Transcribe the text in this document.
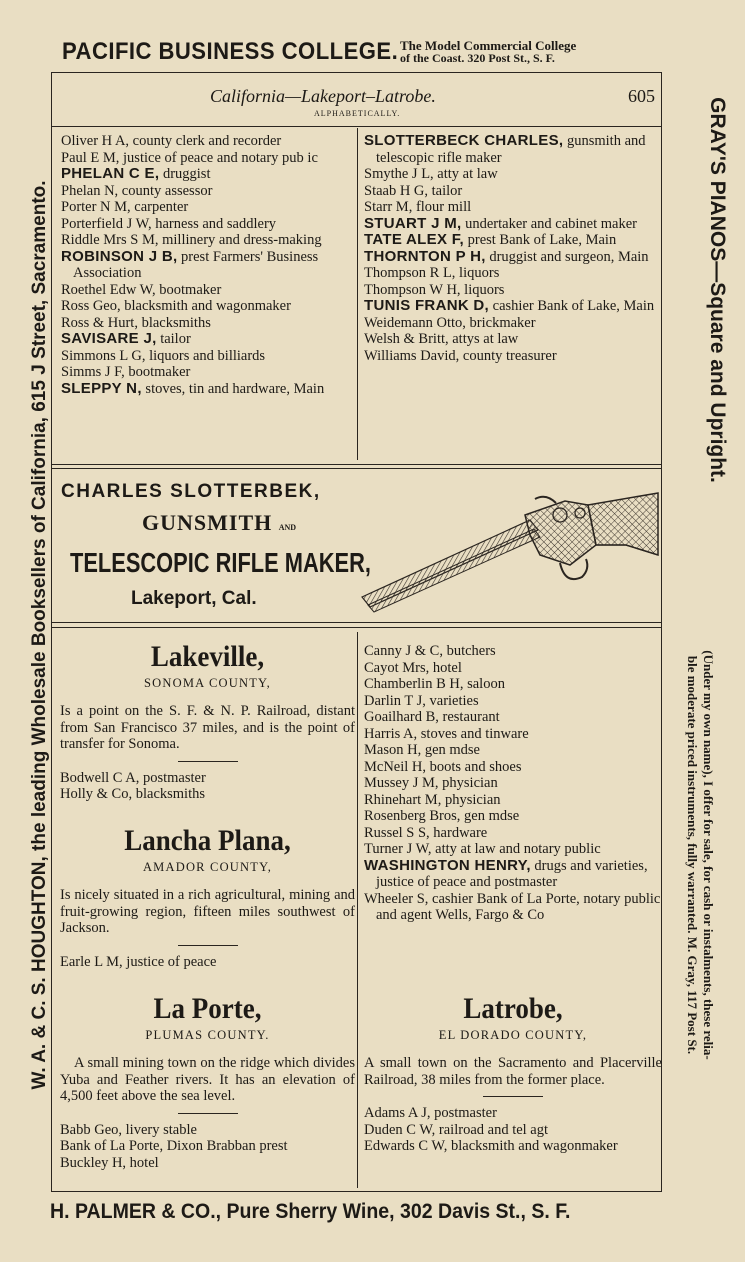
PACIFIC BUSINESS COLLEGE. The Model Commercial College
of the Coast. 320 Post St., S. F.
W. A. & C. S. HOUGHTON, the leading Wholesale Booksellers of California, 615 J Street, Sacramento.	GRAY'S PIANOS—Square and Upright.
(Under my own name), I offer for sale, for cash or instalments, these relia-
ble moderate priced instruments, fully warranted. M. Gray, 117 Post St.
California—Lakeport–Latrobe.	605
ALPHABETICALLY.
Oliver H A, county clerk and recorder
Paul E M, justice of peace and notary pub ic
PHELAN C E, druggist
Phelan N, county assessor
Porter N M, carpenter
Porterfield J W, harness and saddlery
Riddle Mrs S M, millinery and dress-making
ROBINSON J B, prest Farmers' Business Association
Roethel Edw W, bootmaker
Ross Geo, blacksmith and wagonmaker
Ross & Hurt, blacksmiths
SAVISARE J, tailor
Simmons L G, liquors and billiards
Simms J F, bootmaker
SLEPPY N, stoves, tin and hardware, Main
SLOTTERBECK CHARLES, gunsmith and telescopic rifle maker
Smythe J L, atty at law
Staab H G, tailor
Starr M, flour mill
STUART J M, undertaker and cabinet maker
TATE ALEX F, prest Bank of Lake, Main
THORNTON P H, druggist and surgeon, Main
Thompson R L, liquors
Thompson W H, liquors
TUNIS FRANK D, cashier Bank of Lake, Main
Weidemann Otto, brickmaker
Welsh & Britt, attys at law
Williams David, county treasurer
CHARLES SLOTTERBEK,
GUNSMITH AND
TELESCOPIC RIFLE MAKER,
Lakeport, Cal.
Lakeville,
SONOMA COUNTY,
Is a point on the S. F. & N. P. Railroad, distant from San Francisco 37 miles, and is the point of transfer for Sonoma.
Bodwell C A, postmaster
Holly & Co, blacksmiths
Lancha Plana,
AMADOR COUNTY,
Is nicely situated in a rich agricultural, mining and fruit-growing region, fifteen miles southwest of Jackson.
Earle L M, justice of peace
La Porte,
PLUMAS COUNTY.
A small mining town on the ridge which divides Yuba and Feather rivers. It has an elevation of 4,500 feet above the sea level.
Babb Geo, livery stable
Bank of La Porte, Dixon Brabban prest
Buckley H, hotel
Canny J & C, butchers
Cayot Mrs, hotel
Chamberlin B H, saloon
Darlin T J, varieties
Goailhard B, restaurant
Harris A, stoves and tinware
Mason H, gen mdse
McNeil H, boots and shoes
Mussey J M, physician
Rhinehart M, physician
Rosenberg Bros, gen mdse
Russel S S, hardware
Turner J W, atty at law and notary public
WASHINGTON HENRY, drugs and varieties, justice of peace and postmaster
Wheeler S, cashier Bank of La Porte, notary public and agent Wells, Fargo & Co
Latrobe,
EL DORADO COUNTY,
A small town on the Sacramento and Placerville Railroad, 38 miles from the former place.
Adams A J, postmaster
Duden C W, railroad and tel agt
Edwards C W, blacksmith and wagonmaker
H. PALMER & CO., Pure Sherry Wine, 302 Davis St., S. F.
